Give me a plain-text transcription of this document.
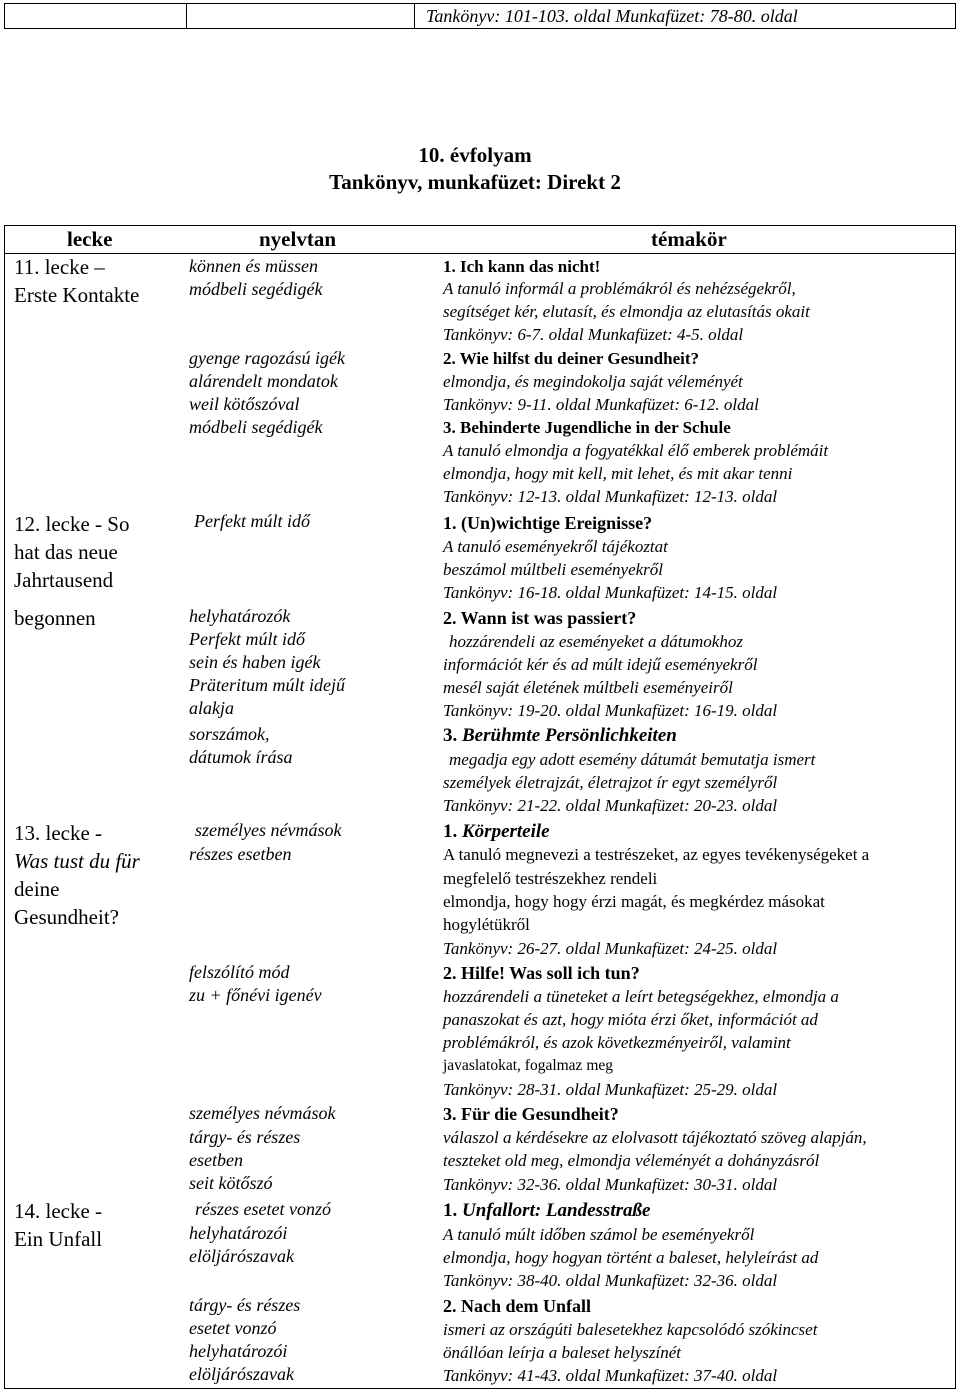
Tankönyv: 101-103. oldal Munkafüzet: 78-80. oldal
10. évfolyam
Tankönyv, munkafüzet: Direkt 2
lecke	nyelvtan	témakör
11. lecke –
Erste Kontakte
12. lecke - So
hat das neue
Jahrtausend
begonnen
13. lecke -
Was tust du für
deine
Gesundheit?
14. lecke -
Ein Unfall
können és müssen
módbeli segédigék
gyenge ragozású igék
alárendelt mondatok
weil kötőszóval
módbeli segédigék
Perfekt múlt idő
helyhatározók
Perfekt múlt idő
sein és haben igék
Präteritum múlt idejű
alakja
sorszámok,
dátumok írása
személyes névmások
részes esetben
felszólító mód
zu + főnévi igenév
személyes névmások
tárgy- és részes
esetben
seit kötőszó
részes esetet vonzó
helyhatározói
elöljárószavak
tárgy- és részes
esetet vonzó
helyhatározói
elöljárószavak
1. Ich kann das nicht!
A tanuló informál a problémákról és nehézségekről,
segítséget kér, elutasít, és elmondja az elutasítás okait
Tankönyv: 6-7. oldal Munkafüzet: 4-5. oldal
2. Wie hilfst du deiner Gesundheit?
elmondja, és megindokolja saját véleményét
Tankönyv: 9-11. oldal Munkafüzet: 6-12. oldal
3. Behinderte Jugendliche in der Schule
A tanuló elmondja a fogyatékkal élő emberek problémáit
elmondja, hogy mit kell, mit lehet, és mit akar tenni
Tankönyv: 12-13. oldal Munkafüzet: 12-13. oldal
1. (Un)wichtige Ereignisse?
A tanuló eseményekről tájékoztat
beszámol múltbeli eseményekről
Tankönyv: 16-18. oldal Munkafüzet: 14-15. oldal
2. Wann ist was passiert?
hozzárendeli az eseményeket a dátumokhoz
információt kér és ad múlt idejű eseményekről
mesél saját életének múltbeli eseményeiről
Tankönyv: 19-20. oldal Munkafüzet: 16-19. oldal
3. Berühmte Persönlichkeiten
megadja egy adott esemény dátumát bemutatja ismert
személyek életrajzát, életrajzot ír egyt személyről
Tankönyv: 21-22. oldal Munkafüzet: 20-23. oldal
1. Körperteile
A tanuló megnevezi a testrészeket, az egyes tevékenységeket a
megfelelő testrészekhez rendeli
elmondja, hogy hogy érzi magát, és megkérdez másokat
hogylétükről
Tankönyv: 26-27. oldal Munkafüzet: 24-25. oldal
2. Hilfe! Was soll ich tun?
hozzárendeli a tüneteket a leírt betegségekhez, elmondja a
panaszokat és azt, hogy mióta érzi őket, információt ad
problémákról, és azok következményeiről, valamint
javaslatokat, fogalmaz meg
Tankönyv: 28-31. oldal Munkafüzet: 25-29. oldal
3. Für die Gesundheit?
válaszol a kérdésekre az elolvasott tájékoztató szöveg alapján,
teszteket old meg, elmondja véleményét a dohányzásról
Tankönyv: 32-36. oldal Munkafüzet: 30-31. oldal
1. Unfallort: Landesstraße
A tanuló múlt időben számol be eseményekről
elmondja, hogy hogyan történt a baleset, helyleírást ad
Tankönyv: 38-40. oldal Munkafüzet: 32-36. oldal
2. Nach dem Unfall
ismeri az országúti balesetekhez kapcsolódó szókincset
önállóan leírja a baleset helyszínét
Tankönyv: 41-43. oldal Munkafüzet: 37-40. oldal
